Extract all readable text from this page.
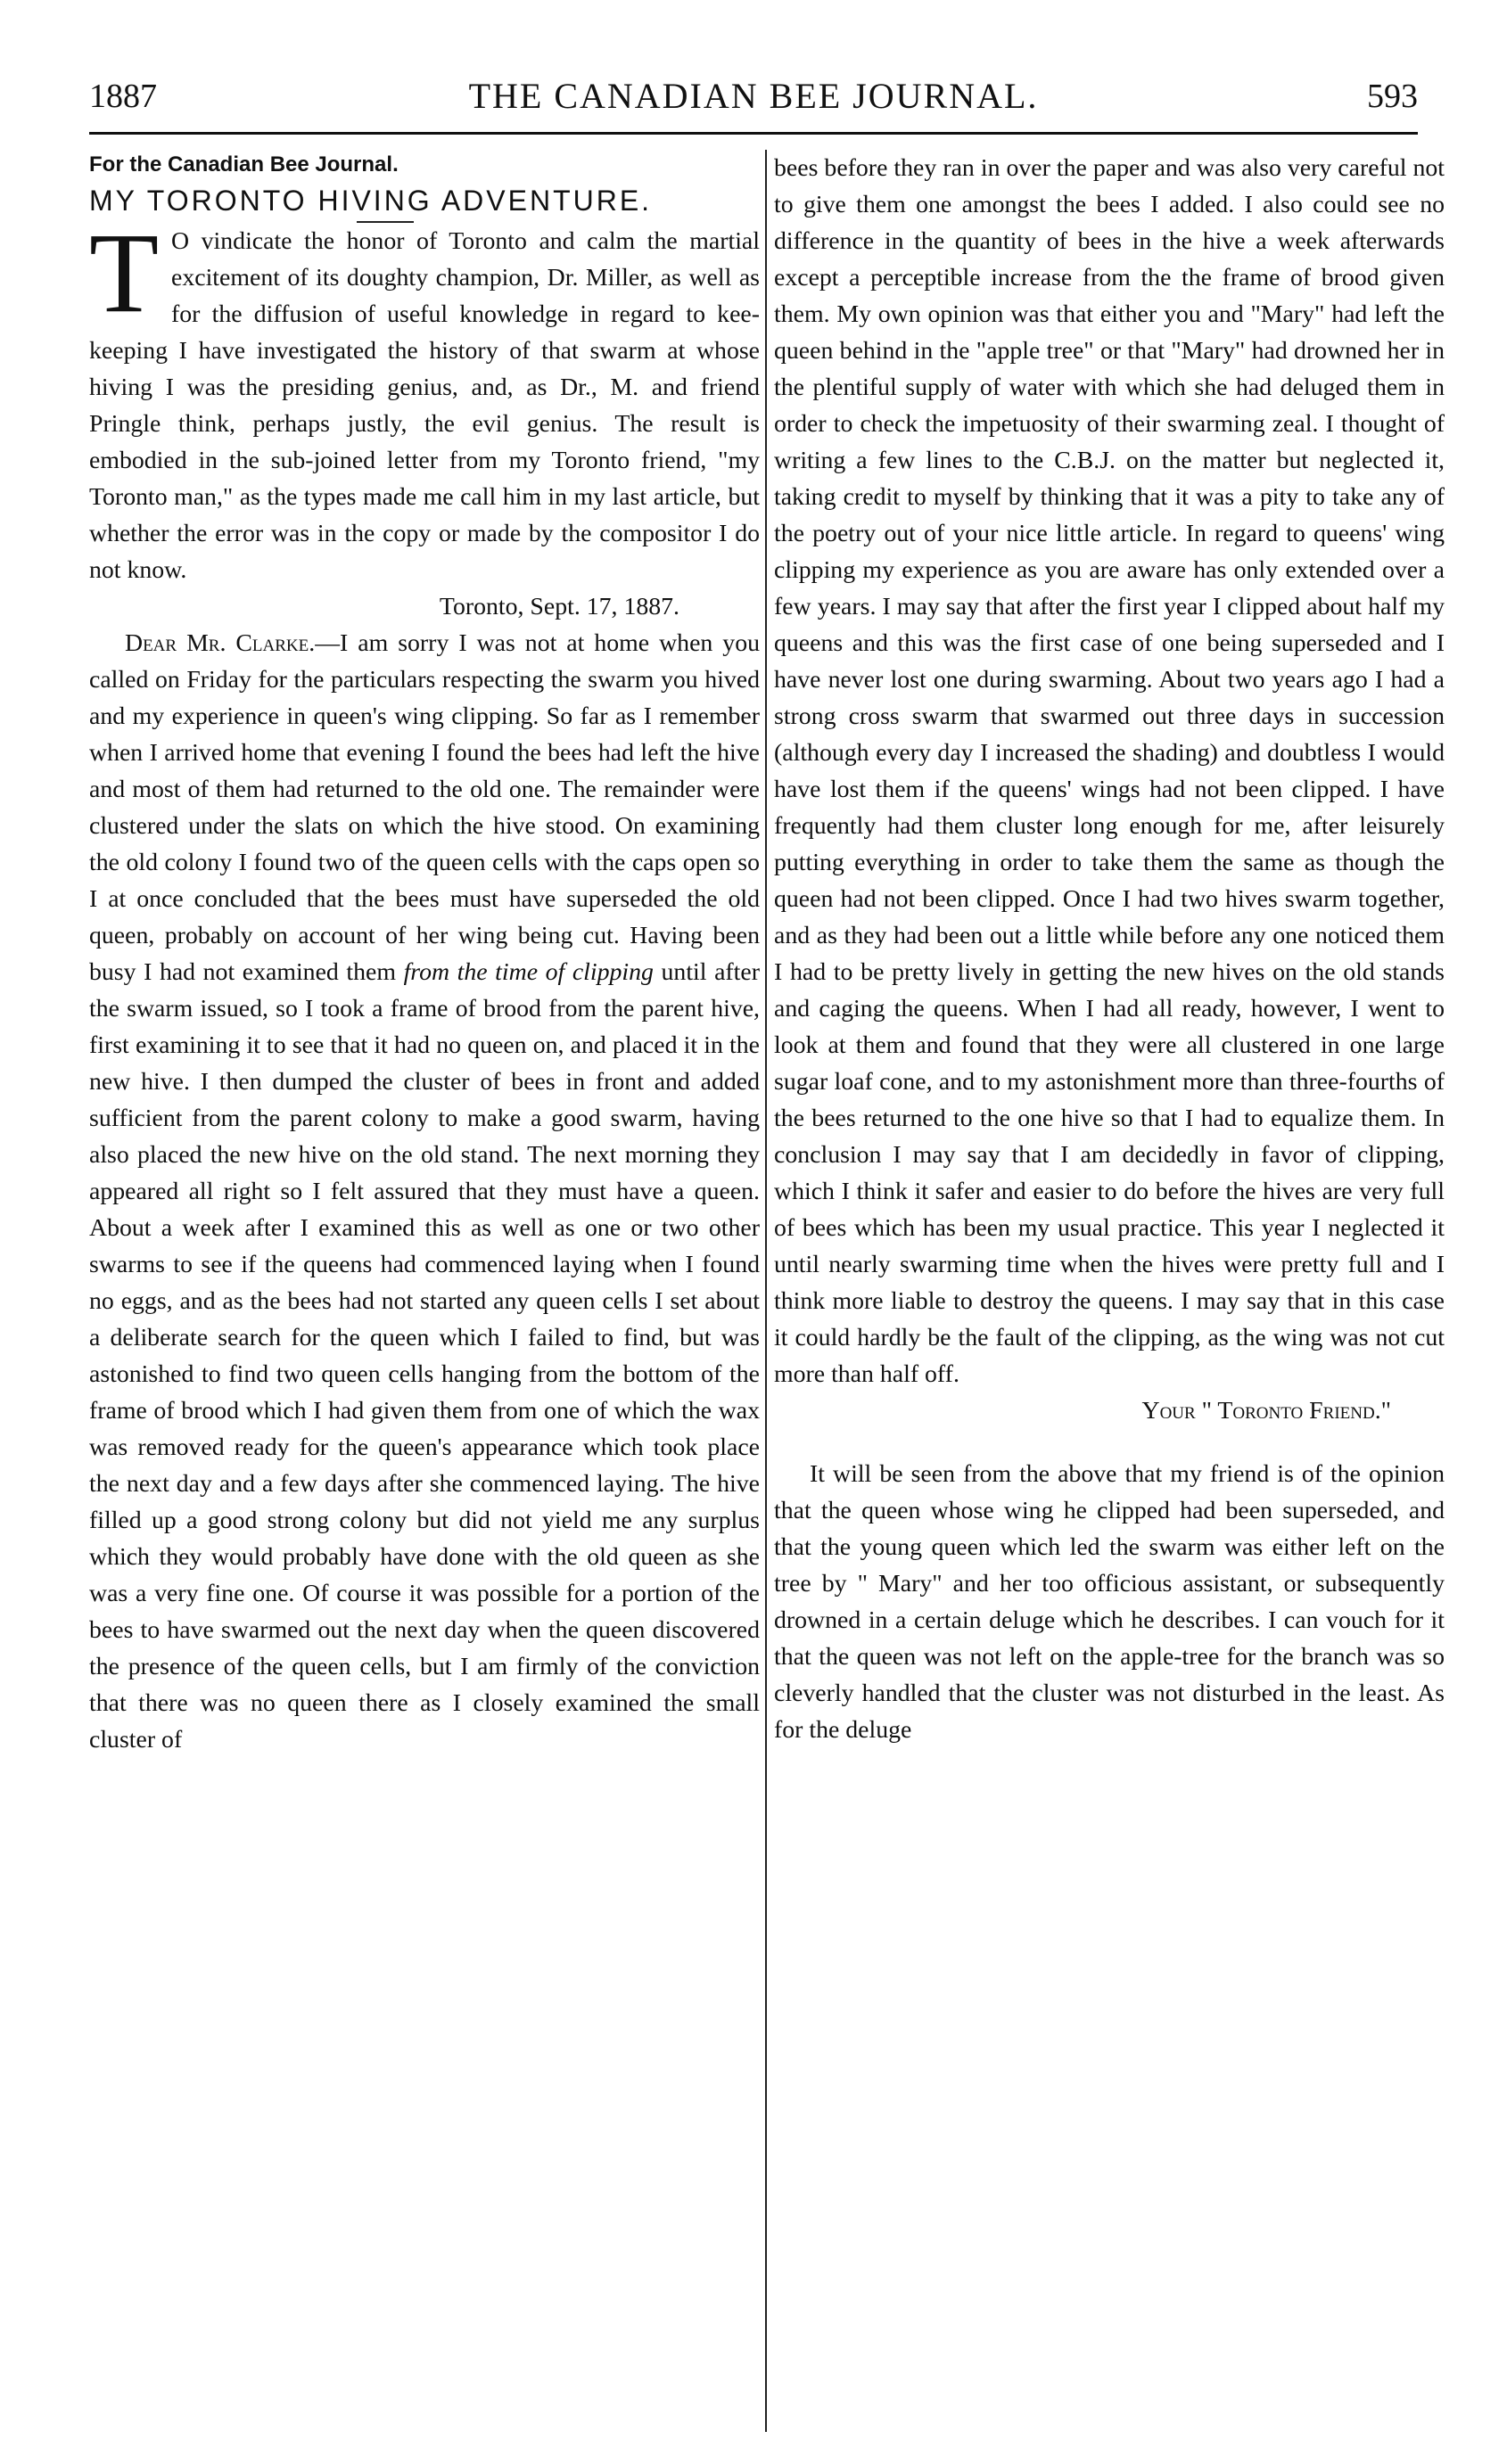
1887	THE CANADIAN BEE JOURNAL.	593

For the Canadian Bee Journal.

MY TORONTO HIVING ADVENTURE.

T O vindicate the honor of Toronto and calm the martial excitement of its doughty champion, Dr. Miller, as well as for the diffusion of useful knowledge in regard to kee-keeping I have investigated the history of that swarm at whose hiving I was the presiding genius, and, as Dr., M. and friend Pringle think, perhaps justly, the evil genius. The result is embodied in the sub-joined letter from my Toronto friend, "my Toronto man," as the types made me call him in my last article, but whether the error was in the copy or made by the compositor I do not know.

Toronto, Sept. 17, 1887.

Dear Mr. Clarke.—I am sorry I was not at home when you called on Friday for the particulars respecting the swarm you hived and my experience in queen's wing clipping. So far as I remember when I arrived home that evening I found the bees had left the hive and most of them had returned to the old one. The remainder were clustered under the slats on which the hive stood. On examining the old colony I found two of the queen cells with the caps open so I at once concluded that the bees must have superseded the old queen, probably on account of her wing being cut. Having been busy I had not examined them from the time of clipping until after the swarm issued, so I took a frame of brood from the parent hive, first examining it to see that it had no queen on, and placed it in the new hive. I then dumped the cluster of bees in front and added sufficient from the parent colony to make a good swarm, having also placed the new hive on the old stand. The next morning they appeared all right so I felt assured that they must have a queen. About a week after I examined this as well as one or two other swarms to see if the queens had commenced laying when I found no eggs, and as the bees had not started any queen cells I set about a deliberate search for the queen which I failed to find, but was astonished to find two queen cells hanging from the bottom of the frame of brood which I had given them from one of which the wax was removed ready for the queen's appearance which took place the next day and a few days after she commenced laying. The hive filled up a good strong colony but did not yield me any surplus which they would probably have done with the old queen as she was a very fine one. Of course it was possible for a portion of the bees to have swarmed out the next day when the queen discovered the presence of the queen cells, but I am firmly of the conviction that there was no queen there as I closely examined the small cluster of

bees before they ran in over the paper and was also very careful not to give them one amongst the bees I added. I also could see no difference in the quantity of bees in the hive a week afterwards except a perceptible increase from the the frame of brood given them. My own opinion was that either you and "Mary" had left the queen behind in the "apple tree" or that "Mary" had drowned her in the plentiful supply of water with which she had deluged them in order to check the impetuosity of their swarming zeal. I thought of writing a few lines to the C.B.J. on the matter but neglected it, taking credit to myself by thinking that it was a pity to take any of the poetry out of your nice little article. In regard to queens' wing clipping my experience as you are aware has only extended over a few years. I may say that after the first year I clipped about half my queens and this was the first case of one being superseded and I have never lost one during swarming. About two years ago I had a strong cross swarm that swarmed out three days in succession (although every day I increased the shading) and doubtless I would have lost them if the queens' wings had not been clipped. I have frequently had them cluster long enough for me, after leisurely putting everything in order to take them the same as though the queen had not been clipped. Once I had two hives swarm together, and as they had been out a little while before any one noticed them I had to be pretty lively in getting the new hives on the old stands and caging the queens. When I had all ready, however, I went to look at them and found that they were all clustered in one large sugar loaf cone, and to my astonishment more than three-fourths of the bees returned to the one hive so that I had to equalize them. In conclusion I may say that I am decidedly in favor of clipping, which I think it safer and easier to do before the hives are very full of bees which has been my usual practice. This year I neglected it until nearly swarming time when the hives were pretty full and I think more liable to destroy the queens. I may say that in this case it could hardly be the fault of the clipping, as the wing was not cut more than half off.

Your " Toronto Friend."

It will be seen from the above that my friend is of the opinion that the queen whose wing he clipped had been superseded, and that the young queen which led the swarm was either left on the tree by " Mary" and her too officious assistant, or subsequently drowned in a certain deluge which he describes. I can vouch for it that the queen was not left on the apple-tree for the branch was so cleverly handled that the cluster was not disturbed in the least. As for the deluge
